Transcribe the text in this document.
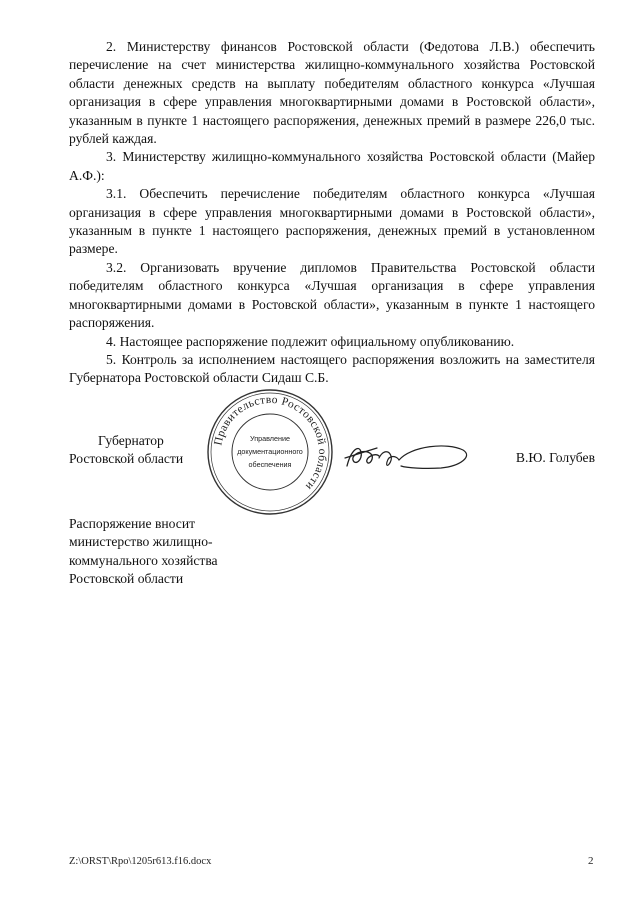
2. Министерству финансов Ростовской области (Федотова Л.В.) обеспечить перечисление на счет министерства жилищно-коммунального хозяйства Ростовской области денежных средств на выплату победителям областного конкурса «Лучшая организация в сфере управления многоквартирными домами в Ростовской области», указанным в пункте 1 настоящего распоряжения, денежных премий в размере 226,0 тыс. рублей каждая.

3. Министерству жилищно-коммунального хозяйства Ростовской области (Майер А.Ф.):

3.1. Обеспечить перечисление победителям областного конкурса «Лучшая организация в сфере управления многоквартирными домами в Ростовской области», указанным в пункте 1 настоящего распоряжения, денежных премий в установленном размере.

3.2. Организовать вручение дипломов Правительства Ростовской области победителям областного конкурса «Лучшая организация в сфере управления многоквартирными домами в Ростовской области», указанным в пункте 1 настоящего распоряжения.

4. Настоящее распоряжение подлежит официальному опубликованию.

5. Контроль за исполнением настоящего распоряжения возложить на заместителя Губернатора Ростовской области Сидаш С.Б.

Губернатор
Ростовской области
Правительство Ростовской области
Управление
документационного
обеспечения	В.Ю. Голубев
Распоряжение вносит
министерство жилищно-
коммунального хозяйства
Ростовской области
Z:\ORST\Rpo\1205r613.f16.docx	2
